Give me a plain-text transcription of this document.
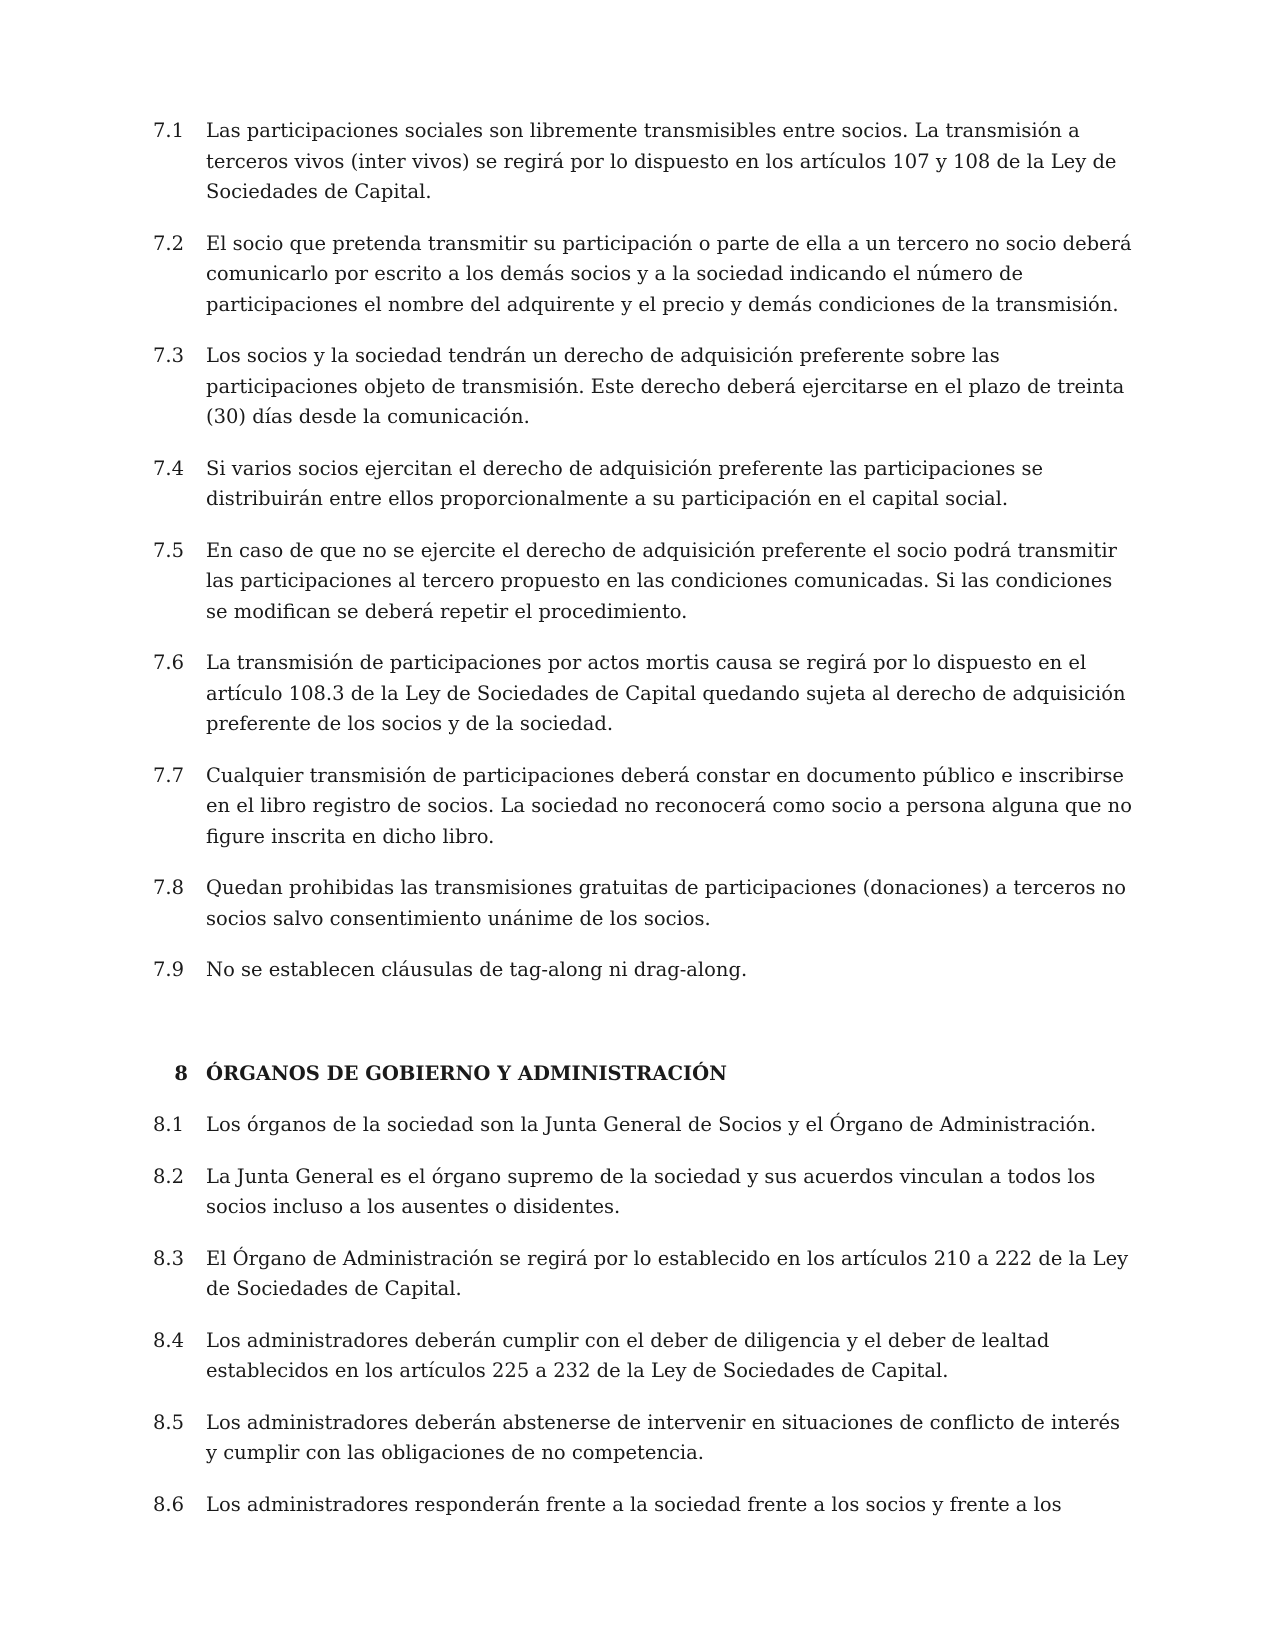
7.1	Las participaciones sociales son libremente transmisibles entre socios. La transmisión a terceros vivos (inter vivos) se regirá por lo dispuesto en los artículos 107 y 108 de la Ley de Sociedades de Capital.
7.2	El socio que pretenda transmitir su participación o parte de ella a un tercero no socio deberá comunicarlo por escrito a los demás socios y a la sociedad indicando el número de participaciones el nombre del adquirente y el precio y demás condiciones de la transmisión.
7.3	Los socios y la sociedad tendrán un derecho de adquisición preferente sobre las participaciones objeto de transmisión. Este derecho deberá ejercitarse en el plazo de treinta (30) días desde la comunicación.
7.4	Si varios socios ejercitan el derecho de adquisición preferente las participaciones se distribuirán entre ellos proporcionalmente a su participación en el capital social.
7.5	En caso de que no se ejercite el derecho de adquisición preferente el socio podrá transmitir las participaciones al tercero propuesto en las condiciones comunicadas. Si las condiciones se modifican se deberá repetir el procedimiento.
7.6	La transmisión de participaciones por actos mortis causa se regirá por lo dispuesto en el artículo 108.3 de la Ley de Sociedades de Capital quedando sujeta al derecho de adquisición preferente de los socios y de la sociedad.
7.7	Cualquier transmisión de participaciones deberá constar en documento público e inscribirse en el libro registro de socios. La sociedad no reconocerá como socio a persona alguna que no figure inscrita en dicho libro.
7.8	Quedan prohibidas las transmisiones gratuitas de participaciones (donaciones) a terceros no socios salvo consentimiento unánime de los socios.
7.9	No se establecen cláusulas de tag-along ni drag-along.
8 ÓRGANOS DE GOBIERNO Y ADMINISTRACIÓN
8.1	Los órganos de la sociedad son la Junta General de Socios y el Órgano de Administración.
8.2	La Junta General es el órgano supremo de la sociedad y sus acuerdos vinculan a todos los socios incluso a los ausentes o disidentes.
8.3	El Órgano de Administración se regirá por lo establecido en los artículos 210 a 222 de la Ley de Sociedades de Capital.
8.4	Los administradores deberán cumplir con el deber de diligencia y el deber de lealtad establecidos en los artículos 225 a 232 de la Ley de Sociedades de Capital.
8.5	Los administradores deberán abstenerse de intervenir en situaciones de conflicto de interés y cumplir con las obligaciones de no competencia.
8.6	Los administradores responderán frente a la sociedad frente a los socios y frente a los
